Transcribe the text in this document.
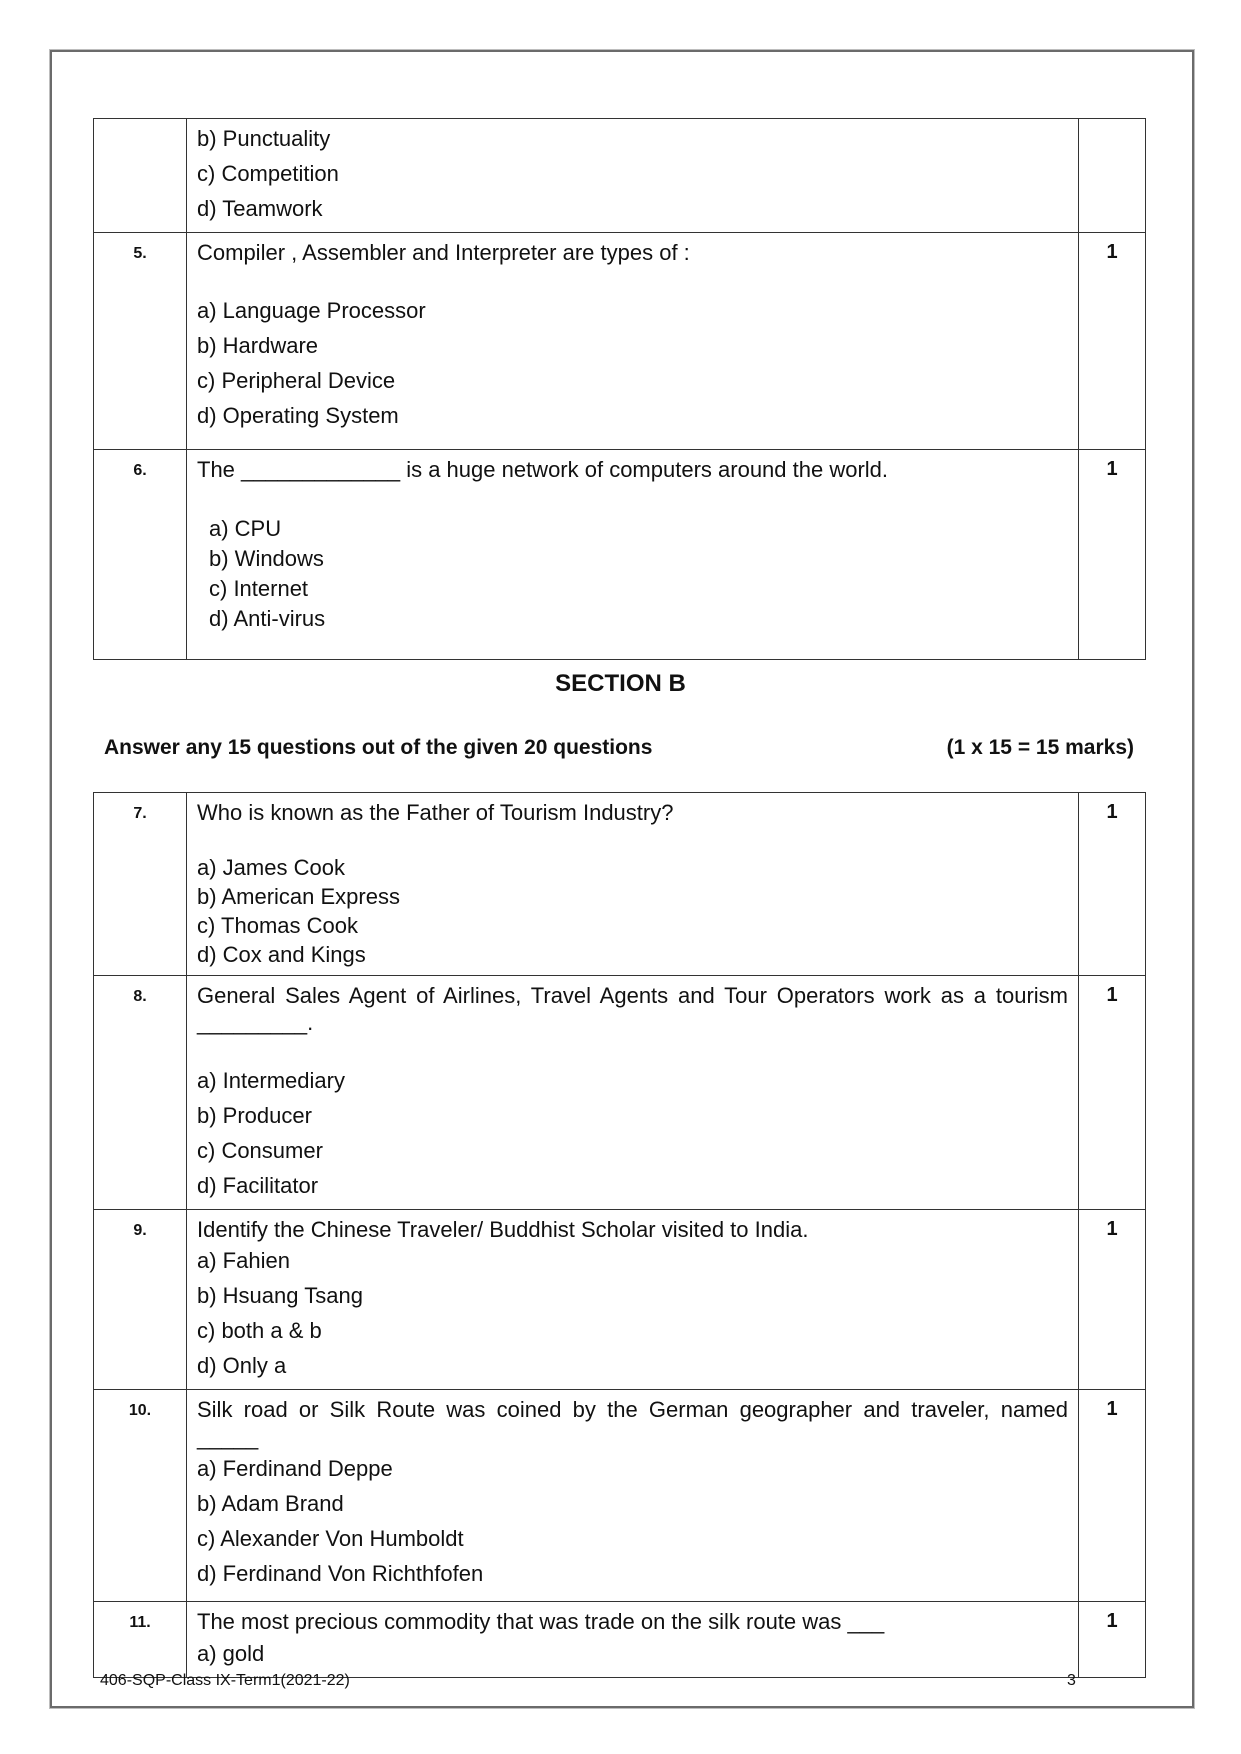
	b) Punctuality

c) Competition

d) Teamwork	

5.	Compiler , Assembler and Interpreter are types of :

a) Language Processor

b) Hardware

c) Peripheral Device

d) Operating System	1
6.	The _____________ is a huge network of computers around the world.

a) CPU

b) Windows

c) Internet

d) Anti-virus	1
SECTION B
Answer any 15 questions out of the given 20 questions	(1 x 15 = 15 marks)
7.	Who is known as the Father of Tourism Industry?

a) James Cook

b) American Express

c) Thomas Cook

d) Cox and Kings	1
8.	General Sales Agent of Airlines, Travel Agents and Tour Operators work as a tourism _________.

a) Intermediary

b) Producer

c) Consumer

d) Facilitator	1
9.	Identify the Chinese Traveler/ Buddhist Scholar visited to India.

a) Fahien

b) Hsuang Tsang

c) both a & b

d) Only a	1
10.	Silk road or Silk Route was coined by the German geographer and traveler, named _____

a) Ferdinand Deppe

b) Adam Brand

c) Alexander Von Humboldt

d) Ferdinand Von Richthfofen	1
11.	The most precious commodity that was trade on the silk route was ___

a) gold	1
406-SQP-Class IX-Term1(2021-22)	3
